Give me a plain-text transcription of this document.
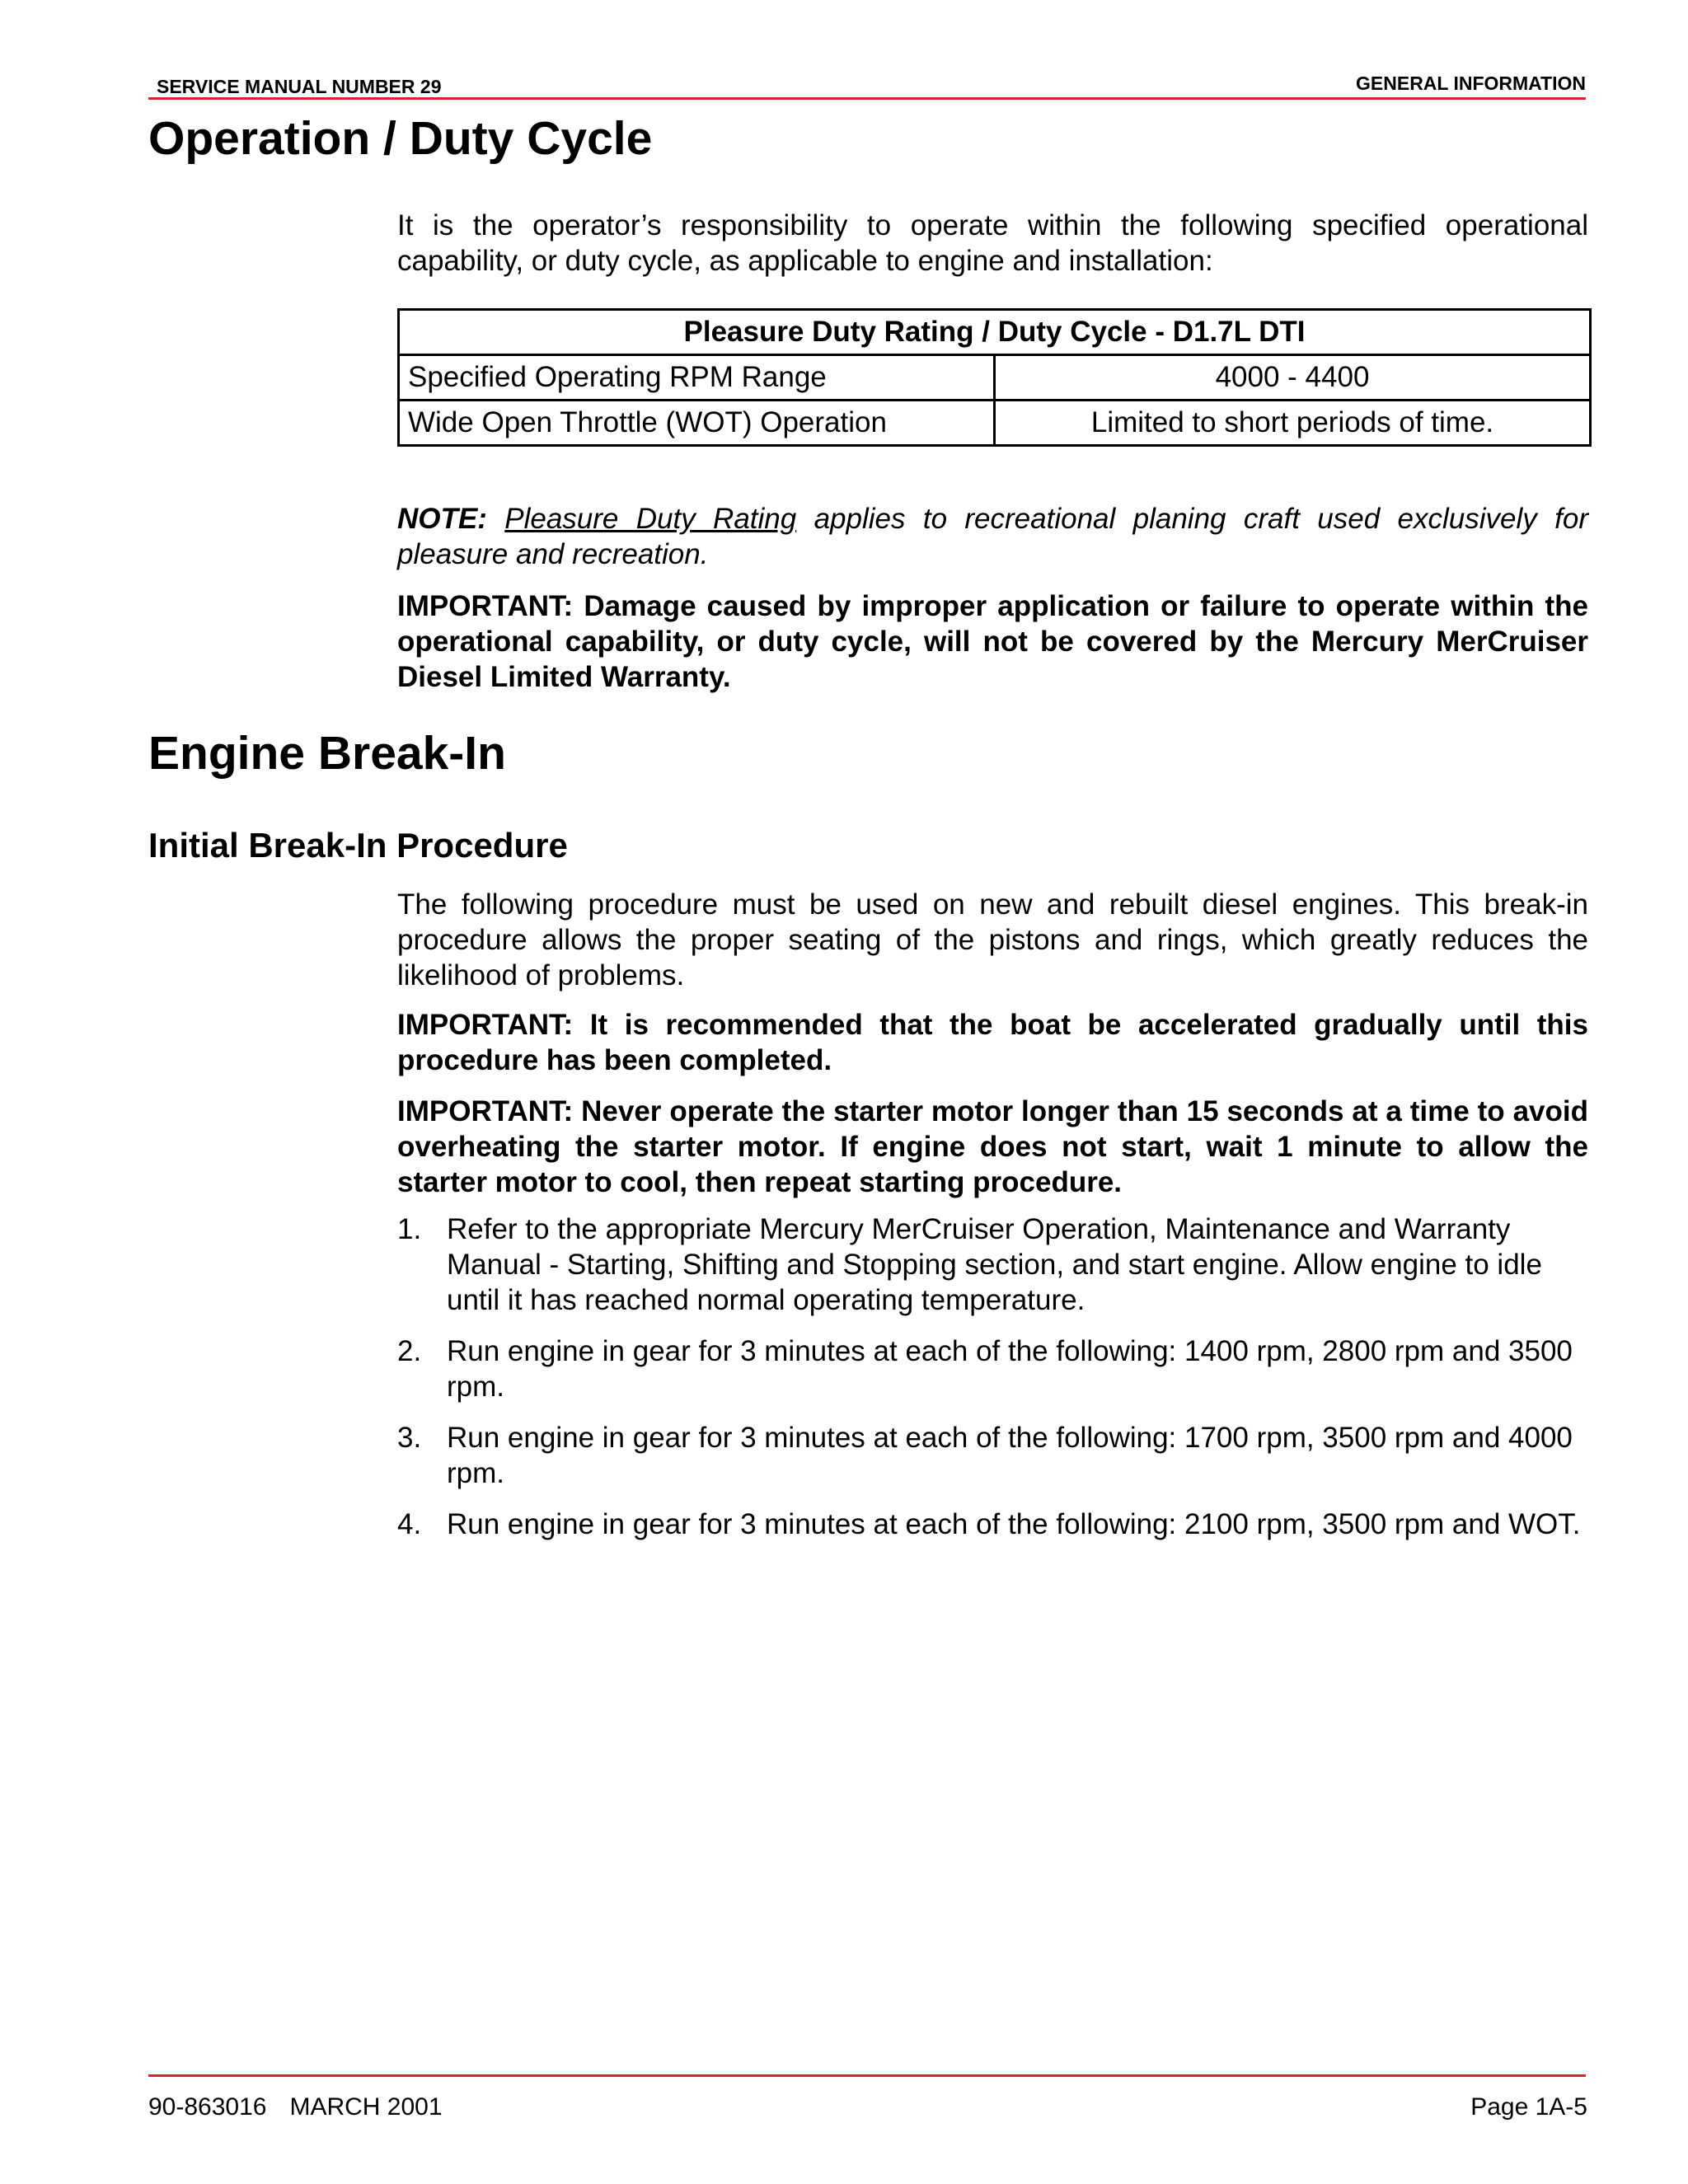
SERVICE MANUAL NUMBER 29	GENERAL INFORMATION
Operation / Duty Cycle

It is the operator’s responsibility to operate within the following specified operational capability, or duty cycle, as applicable to engine and installation:

Pleasure Duty Rating / Duty Cycle - D1.7L DTI	
Specified Operating RPM Range	4000 - 4400
Wide Open Throttle (WOT) Operation	Limited to short periods of time.

NOTE: Pleasure Duty Rating applies to recreational planing craft used exclusively for pleasure and recreation.

IMPORTANT: Damage caused by improper application or failure to operate within the operational capability, or duty cycle, will not be covered by the Mercury MerCruiser Diesel Limited Warranty.

Engine Break-In
Initial Break-In Procedure

The following procedure must be used on new and rebuilt diesel engines. This break-in procedure allows the proper seating of the pistons and rings, which greatly reduces the likelihood of problems.

IMPORTANT: It is recommended that the boat be accelerated gradually until this procedure has been completed.

IMPORTANT: Never operate the starter motor longer than 15 seconds at a time to avoid overheating the starter motor. If engine does not start, wait 1 minute to allow the starter motor to cool, then repeat starting procedure.

1. Refer to the appropriate Mercury MerCruiser Operation, Maintenance and Warranty Manual - Starting, Shifting and Stopping section, and start engine. Allow engine to idle until it has reached normal operating temperature.
2. Run engine in gear for 3 minutes at each of the following: 1400 rpm, 2800 rpm and 3500 rpm.
3. Run engine in gear for 3 minutes at each of the following: 1700 rpm, 3500 rpm and 4000 rpm.
4. Run engine in gear for 3 minutes at each of the following: 2100 rpm, 3500 rpm and WOT.
90-863016 MARCH 2001	Page 1A-5
